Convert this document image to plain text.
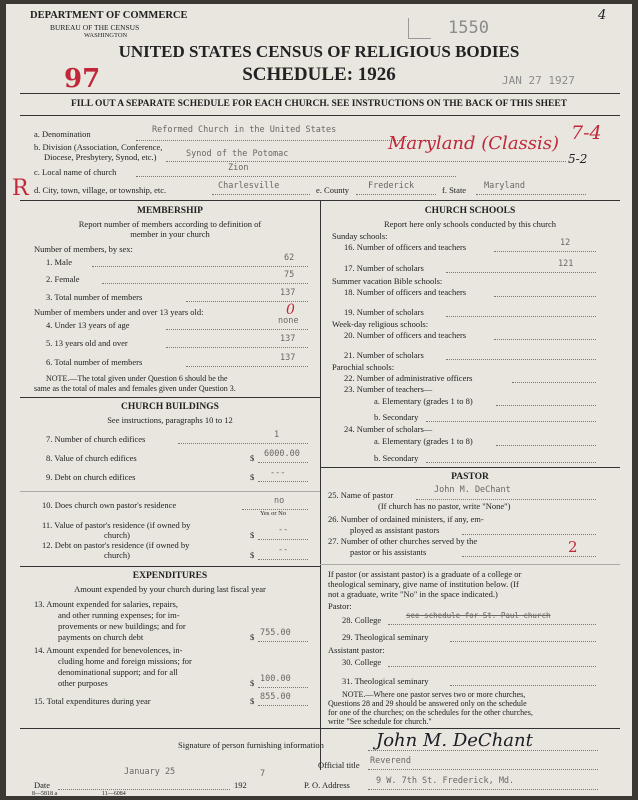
DEPARTMENT OF COMMERCE
BUREAU OF THE CENSUS
WASHINGTON	1550
4
UNITED STATES CENSUS OF RELIGIOUS BODIES
SCHEDULE: 1926	JAN 27 1927
97
FILL OUT A SEPARATE SCHEDULE FOR EACH CHURCH. SEE INSTRUCTIONS ON THE BACK OF THIS SHEET
a. Denomination	Reformed Church in the United States
b. Division (Association, Conference,
Diocese, Presbytery, Synod, etc.)	Synod of the Potomac	Maryland (Classis) 7-4
c. Local name of church	Zion
5-2
R d. City, town, village, or township, etc.	Charlesville	e. County Frederick	f. State Maryland
MEMBERSHIP
Report number of members according to definition of
member in your church
Number of members, by sex:
1. Male	62
2. Female	75
3. Total number of members	137
Number of members under and over 13 years old:	0
4. Under 13 years of age	none
5. 13 years old and over	137
6. Total number of members	137
NOTE.—The total given under Question 6 should be the
same as the total of males and females given under Question 3.
CHURCH BUILDINGS
See instructions, paragraphs 10 to 12
7. Number of church edifices	1
8. Value of church edifices	$ 6000.00
9. Debt on church edifices	$ ---
10. Does church own pastor's residence	no
Yes or No
11. Value of pastor's residence (if owned by
church)	$	--
12. Debt on pastor's residence (if owned by
church)	$	--
EXPENDITURES
Amount expended by your church during last fiscal year
13. Amount expended for salaries, repairs,
and other running expenses; for im-
provements or new buildings; and for
payments on church debt	$ 755.00
14. Amount expended for benevolences, in-
cluding home and foreign missions; for
denominational support; and for all
other purposes	$ 100.00
15. Total expenditures during year	$ 855.00
CHURCH SCHOOLS
Report here only schools conducted by this church
Sunday schools:
16. Number of officers and teachers	12
17. Number of scholars	121
Summer vacation Bible schools:
18. Number of officers and teachers
19. Number of scholars
Week-day religious schools:
20. Number of officers and teachers
21. Number of scholars
Parochial schools:
22. Number of administrative officers
23. Number of teachers—
a. Elementary (grades 1 to 8)
b. Secondary
24. Number of scholars—
a. Elementary (grades 1 to 8)
b. Secondary
PASTOR
25. Name of pastor	John M. DeChant
(If church has no pastor, write "None")
26. Number of ordained ministers, if any, em-
ployed as assistant pastors
27. Number of other churches served by the
pastor or his assistants	2
If pastor (or assistant pastor) is a graduate of a college or
theological seminary, give name of institution below. (If
not a graduate, write "No" in the space indicated.)
Pastor:
28. College	see schedule for St. Paul church
29. Theological seminary
Assistant pastor:
30. College
31. Theological seminary
NOTE.—Where one pastor serves two or more churches,
Questions 28 and 29 should be answered only on the schedule
for one of the churches; on the schedules for the other churches,
write "See schedule for church."
Signature of person furnishing information	John M. DeChant
Official title Reverend
Date
January 25
192
7
P. O. Address	9 W. 7th St. Frederick, Md.
8—5818 a	11—6084
